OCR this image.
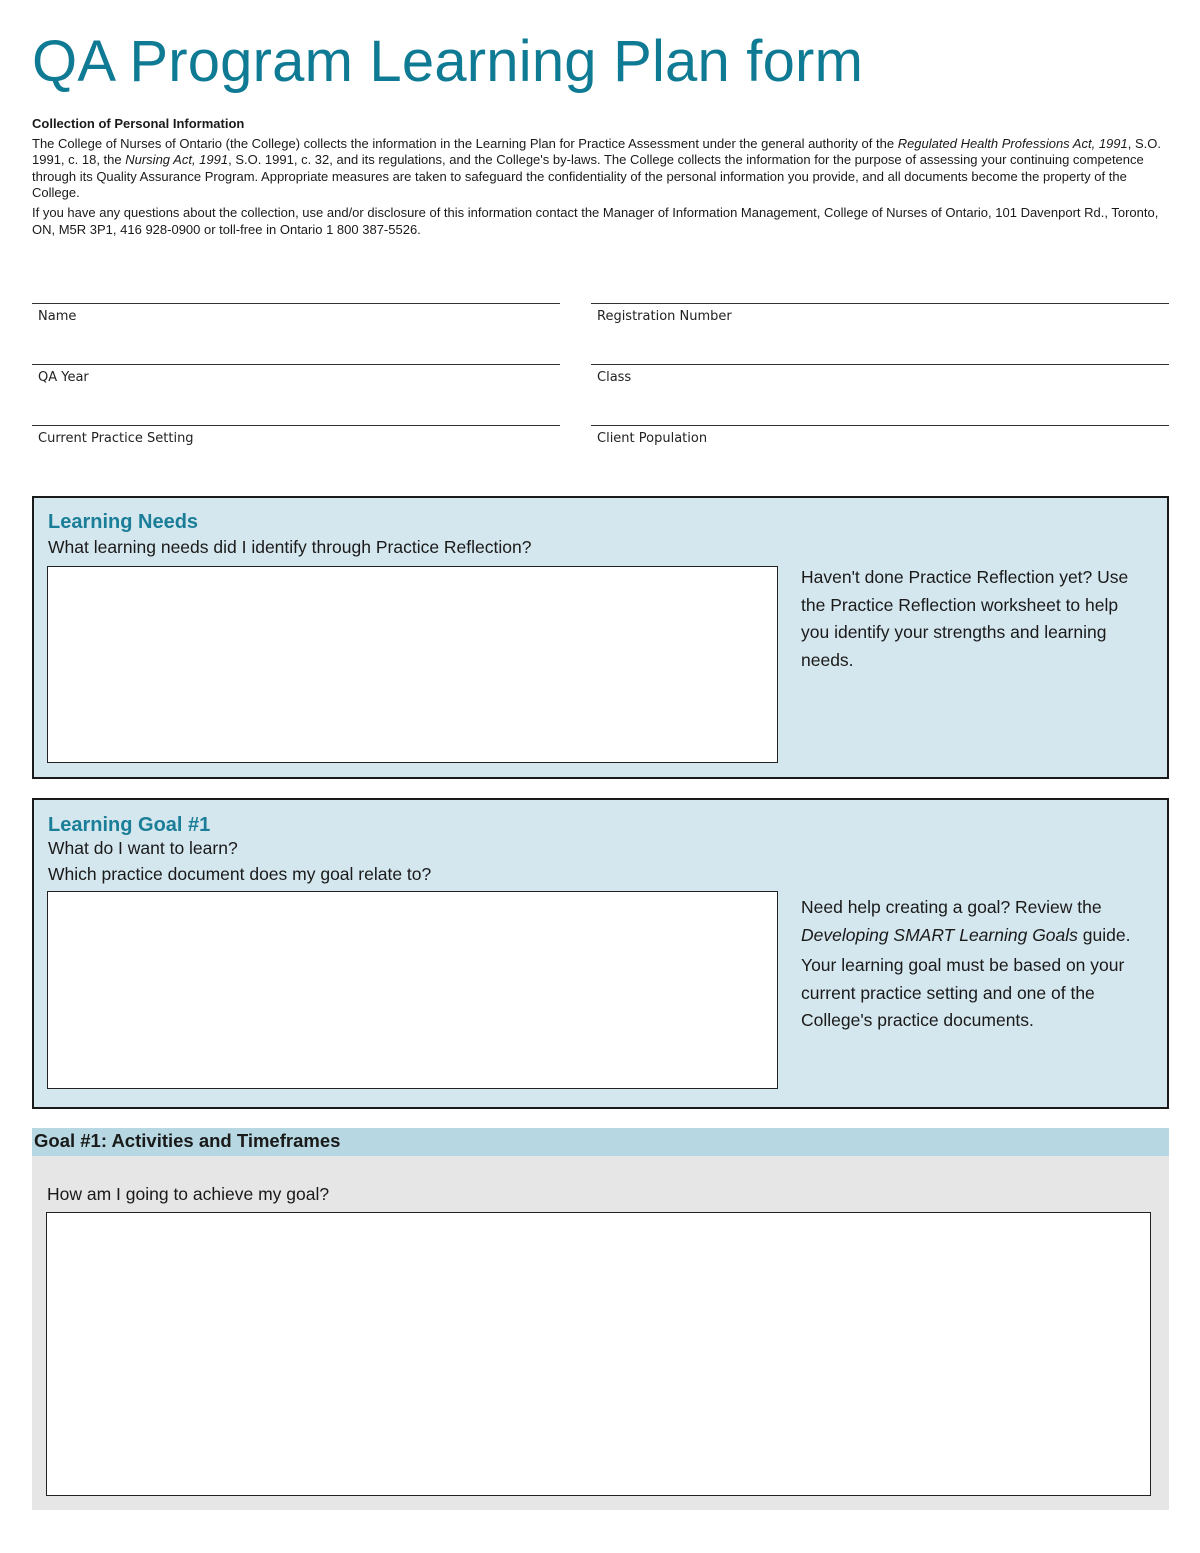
QA Program Learning Plan form

Collection of Personal Information

The College of Nurses of Ontario (the College) collects the information in the Learning Plan for Practice Assessment under the general authority of the Regulated Health Professions Act, 1991, S.O. 1991, c. 18, the Nursing Act, 1991, S.O. 1991, c. 32, and its regulations, and the College's by-laws. The College collects the information for the purpose of assessing your continuing competence through its Quality Assurance Program. Appropriate measures are taken to safeguard the confidentiality of the personal information you provide, and all documents become the property of the College.

If you have any questions about the collection, use and/or disclosure of this information contact the Manager of Information Management, College of Nurses of Ontario, 101 Davenport Rd., Toronto, ON, M5R 3P1, 416 928-0900 or toll-free in Ontario 1 800 387-5526.

Name	Registration Number
QA Year	Class
Current Practice Setting	Client Population
Learning Needs
What learning needs did I identify through Practice Reflection?
Haven't done Practice Reflection yet? Use the Practice Reflection worksheet to help you identify your strengths and learning needs.
Learning Goal #1
What do I want to learn?
Which practice document does my goal relate to?

Need help creating a goal? Review the Developing SMART Learning Goals guide.

Your learning goal must be based on your current practice setting and one of the College's practice documents.

Goal #1: Activities and Timeframes
How am I going to achieve my goal?
